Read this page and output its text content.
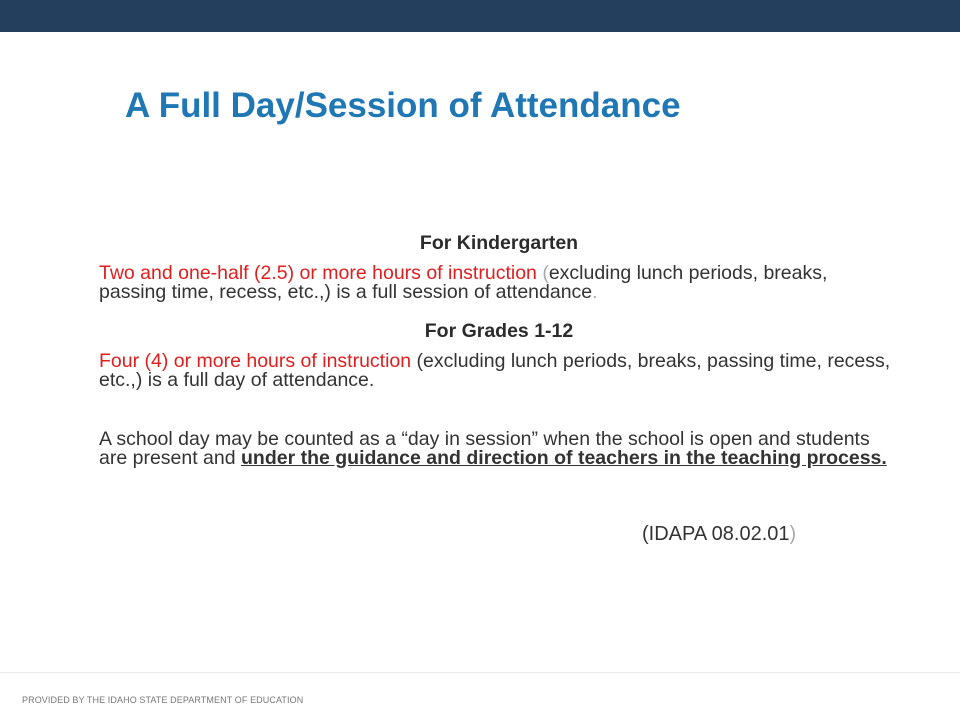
A Full Day/Session of Attendance
For Kindergarten

Two and one-half (2.5) or more hours of instruction (excluding lunch periods, breaks, passing time, recess, etc.,) is a full session of attendance.

For Grades 1-12

Four (4) or more hours of instruction (excluding lunch periods, breaks, passing time, recess, etc.,) is a full day of attendance.

A school day may be counted as a “day in session” when the school is open and students are present and under the guidance and direction of teachers in the teaching process.

(IDAPA 08.02.01)
PROVIDED BY THE IDAHO STATE DEPARTMENT OF EDUCATION
